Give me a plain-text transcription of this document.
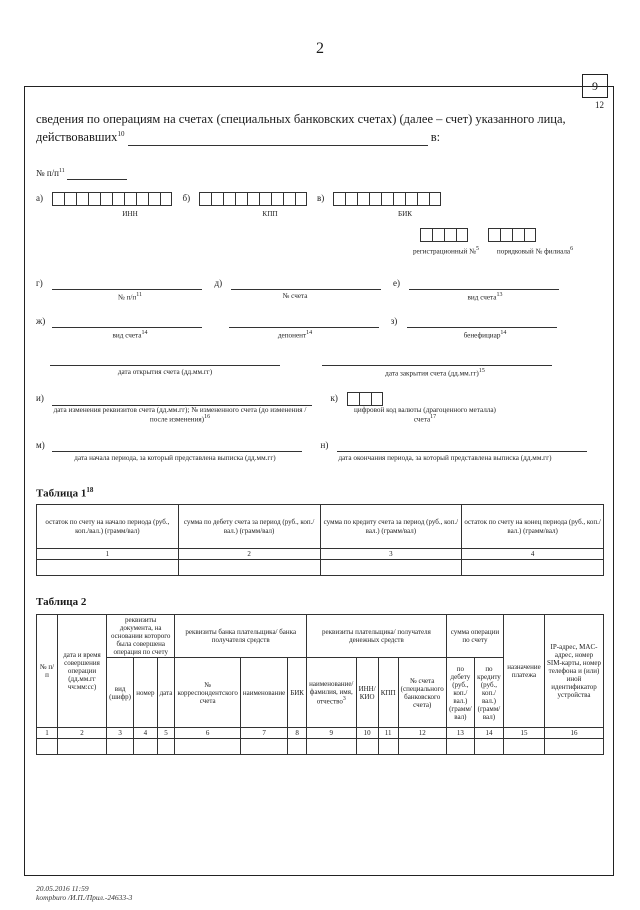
2
9
12
сведения по операциям на счетах (специальных банковских счетах) (далее – счет) указанного лица, действовавших$^{10}$	в:
№ $п/п^{11}$
а)	б)	в)
ИНН	КПП	БИК

регистрационный №$^5$	порядковый № филиала$^6$
г)	д)	е)
№ $п/п^{11}$	№ счета	вид счета$^{13}$
ж)	з)
вид счета$^{14}$	депонент$^{14}$	бенефициар$^{14}$

дата открытия счета (дд.мм.гг)	дата закрытия счета $(дд.мм.гг)^{15}$
и)	к)
дата изменения реквизитов счета (дд.мм.гг); № измененного счета (до изменения / после изменения)$^{16}$
цифровой код валюты (драгоценного металла) счета$^{17}$
м)	н)
дата начала периода, за который представлена выписка (дд.мм.гг)	дата окончания периода, за который представлена выписка (дд.мм.гг)
Таблица $1^{18}$
остаток по счету на начало периода (руб., коп./вал.) (грамм/вал)	сумма по дебету счета за период (руб., коп./вал.) (грамм/вал)	сумма по кредиту счета за период (руб., коп./вал.) (грамм/вал)	остаток по счету на конец периода (руб., коп./вал.) (грамм/вал)
1	2	3	4

Таблица 2
№ п/п	дата и время совершения операции (дд.мм.гг чч:мм:сс)	реквизиты документа, на основании которого была совершена операция по счету			реквизиты банка плательщика/ банка получателя средств			реквизиты плательщика/ получателя денежных средств				сумма операции по счету		назначение платежа	IP-адрес, MAC-адрес, номер SIM-карты, номер телефона и (или) иной идентификатор устройства
		вид (шифр)	номер	дата	№ корреспондентского счета	наименование	БИК	наименование/ фамилия, имя, отчество$^3$	ИНН/ КИО	КПП	№ счета (специального банковского счета)	по дебету (руб., коп./вал.) (грамм/вал)	по кредиту (руб., коп./вал.) (грамм/вал)		
1	2	3	4	5	6	7	8	9	10	11	12	13	14	15	16

20.05.2016 11:59
kompburo /И.П./Прил.-24633-3
